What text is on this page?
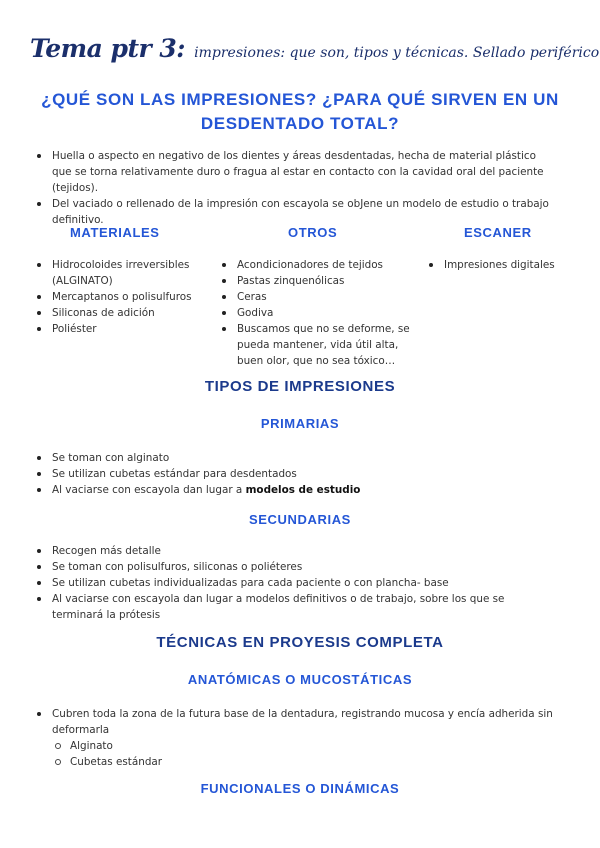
Tema ptr 3: impresiones: que son, tipos y técnicas. Sellado periférico
¿QUÉ SON LAS IMPRESIONES? ¿PARA QUÉ SIRVEN EN UN
DESDENTADO TOTAL?
Huella o aspecto en negativo de los dientes y áreas desdentadas, hecha de material plástico que se torna relativamente duro o fragua al estar en contacto con la cavidad oral del paciente (tejidos).
Del vaciado o rellenado de la impresión con escayola se obJene un modelo de estudio o trabajo definitivo.
MATERIALES	OTROS	ESCANER
Hidrocoloides irreversibles (ALGINATO)
Mercaptanos o polisulfuros
Siliconas de adición
Poliéster
Acondicionadores de tejidos
Pastas zinquenólicas
Ceras
Godiva
Buscamos que no se deforme, se pueda mantener, vida útil alta, buen olor, que no sea tóxico…
Impresiones digitales
TIPOS DE IMPRESIONES
PRIMARIAS
Se toman con alginato
Se utilizan cubetas estándar para desdentados
Al vaciarse con escayola dan lugar a modelos de estudio
SECUNDARIAS
Recogen más detalle
Se toman con polisulfuros, siliconas o poliéteres
Se utilizan cubetas individualizadas para cada paciente o con plancha- base
Al vaciarse con escayola dan lugar a modelos definitivos o de trabajo, sobre los que se terminará la prótesis
TÉCNICAS EN PROYESIS COMPLETA
ANATÓMICAS O MUCOSTÁTICAS
Cubren toda la zona de la futura base de la dentadura, registrando mucosa y encía adherida sin deformarla
Alginato
Cubetas estándar
FUNCIONALES O DINÁMICAS
